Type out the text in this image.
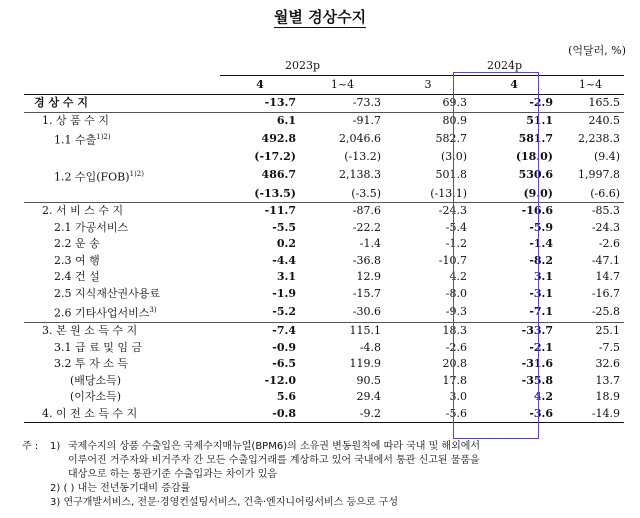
월별 경상수지
(억달러, %)
	2023p		2024p		
	4	1~4	3	4	1~4
경 상 수 지	-13.7	-73.3	69.3	-2.9	165.5
1. 상 품 수 지	6.1	-91.7	80.9	51.1	240.5
1.1 수출$^{1)2)}$	492.8	2,046.6	582.7	581.7	2,238.3
	(-17.2)	(-13.2)	(3.0)	(18.0)	(9.4)
1.2 수입(FOB)$^{1)2)}$	486.7	2,138.3	501.8	530.6	1,997.8
	(-13.5)	(-3.5)	(-13.1)	(9.0)	(-6.6)
2. 서 비 스 수 지	-11.7	-87.6	-24.3	-16.6	-85.3
2.1 가공서비스	-5.5	-22.2	-5.4	-5.9	-24.3
2.2 운 송	0.2	-1.4	-1.2	-1.4	-2.6
2.3 여 행	-4.4	-36.8	-10.7	-8.2	-47.1
2.4 건 설	3.1	12.9	4.2	3.1	14.7
2.5 지식재산권사용료	-1.9	-15.7	-8.0	-3.1	-16.7
2.6 기타사업서비스$^{3)}$	-5.2	-30.6	-9.3	-7.1	-25.8
3. 본 원 소 득 수 지	-7.4	115.1	18.3	-33.7	25.1
3.1 급 료 및 임 금	-0.9	-4.8	-2.6	-2.1	-7.5
3.2 투 자 소 득	-6.5	119.9	20.8	-31.6	32.6
(배당소득)	-12.0	90.5	17.8	-35.8	13.7
(이자소득)	5.6	29.4	3.0	4.2	18.9
4. 이 전 소 득 수 지	-0.8	-9.2	-5.6	-3.6	-14.9
주 :	1) 국제수지의 상품 수출입은 국제수지매뉴얼(BPM6)의 소유권 변동원칙에 따라 국내 및 해외에서
이루어진 거주자와 비거주자 간 모든 수출입거래를 계상하고 있어 국내에서 통관 신고된 물품을
대상으로 하는 통관기준 수출입과는 차이가 있음
2) ( ) 내는 전년동기대비 증감률
3) 연구개발서비스, 전문·경영컨설팅서비스, 건축·엔지니어링서비스 등으로 구성
